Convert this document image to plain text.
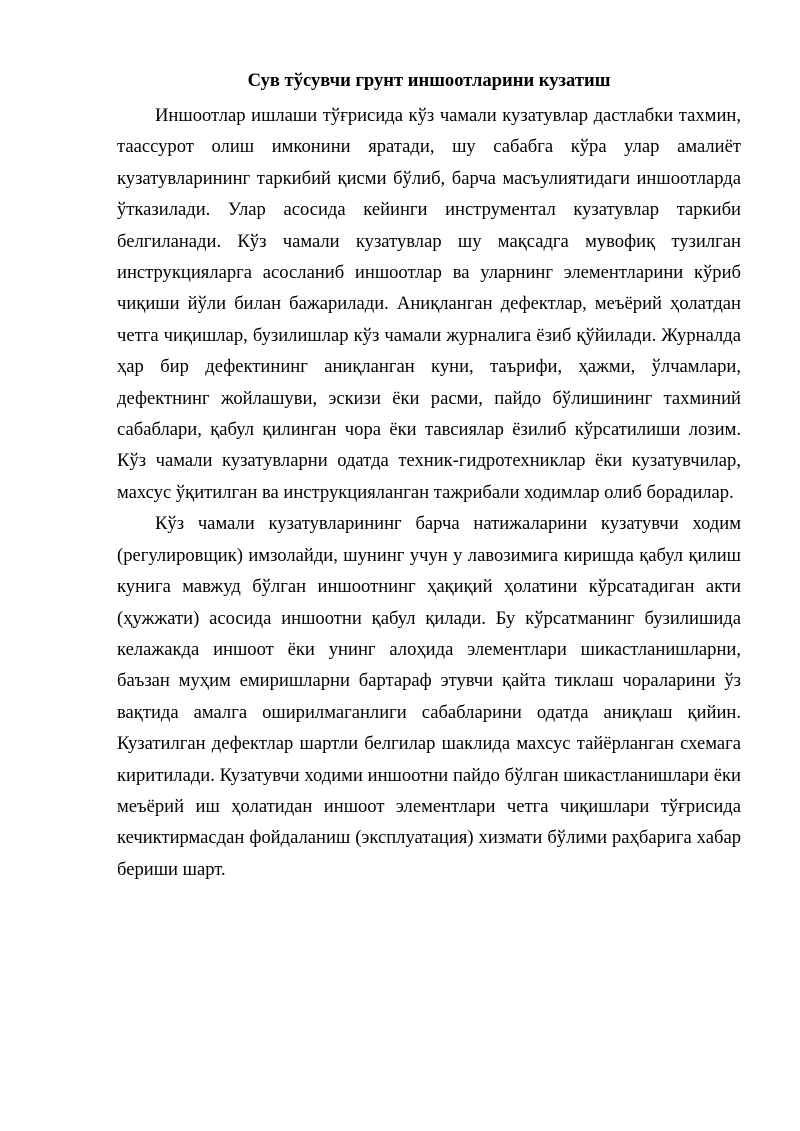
Сув тўсувчи грунт иншоотларини кузатиш

Иншоотлар ишлаши тўғрисида кўз чамали кузатувлар дастлабки тахмин, таассурот олиш имконини яратади, шу сабабга кўра улар амалиёт кузатувларининг таркибий қисми бўлиб, барча масъулиятидаги иншоотларда ўтказилади. Улар асосида кейинги инструментал кузатувлар таркиби белгиланади. Кўз чамали кузатувлар шу мақсадга мувофиқ тузилган инструкцияларга асосланиб иншоотлар ва уларнинг элементларини кўриб чиқиши йўли билан бажарилади. Аниқланган дефектлар, меъёрий ҳолатдан четга чиқишлар, бузилишлар кўз чамали журналига ёзиб қўйилади. Журналда ҳар бир дефектининг аниқланган куни, таърифи, ҳажми, ўлчамлари, дефектнинг жойлашуви, эскизи ёки расми, пайдо бўлишининг тахминий сабаблари, қабул қилинган чора ёки тавсиялар ёзилиб кўрсатилиши лозим. Кўз чамали кузатувларни одатда техник-гидротехниклар ёки кузатувчилар, махсус ўқитилган ва инструкцияланган тажрибали ходимлар олиб борадилар.

Кўз чамали кузатувларининг барча натижаларини кузатувчи ходим (регулировщик) имзолайди, шунинг учун у лавозимига киришда қабул қилиш кунига мавжуд бўлган иншоотнинг ҳақиқий ҳолатини кўрсатадиган акти (ҳужжати) асосида иншоотни қабул қилади. Бу кўрсатманинг бузилишида келажакда иншоот ёки унинг алоҳида элементлари шикастланишларни, баъзан муҳим емиришларни бартараф этувчи қайта тиклаш чораларини ўз вақтида амалга оширилмаганлиги сабабларини одатда аниқлаш қийин. Кузатилган дефектлар шартли белгилар шаклида махсус тайёрланган схемага киритилади. Кузатувчи ходими иншоотни пайдо бўлган шикастланишлари ёки меъёрий иш ҳолатидан иншоот элементлари четга чиқишлари тўғрисида кечиктирмасдан фойдаланиш (эксплуатация) хизмати бўлими раҳбарига хабар бериши шарт.
